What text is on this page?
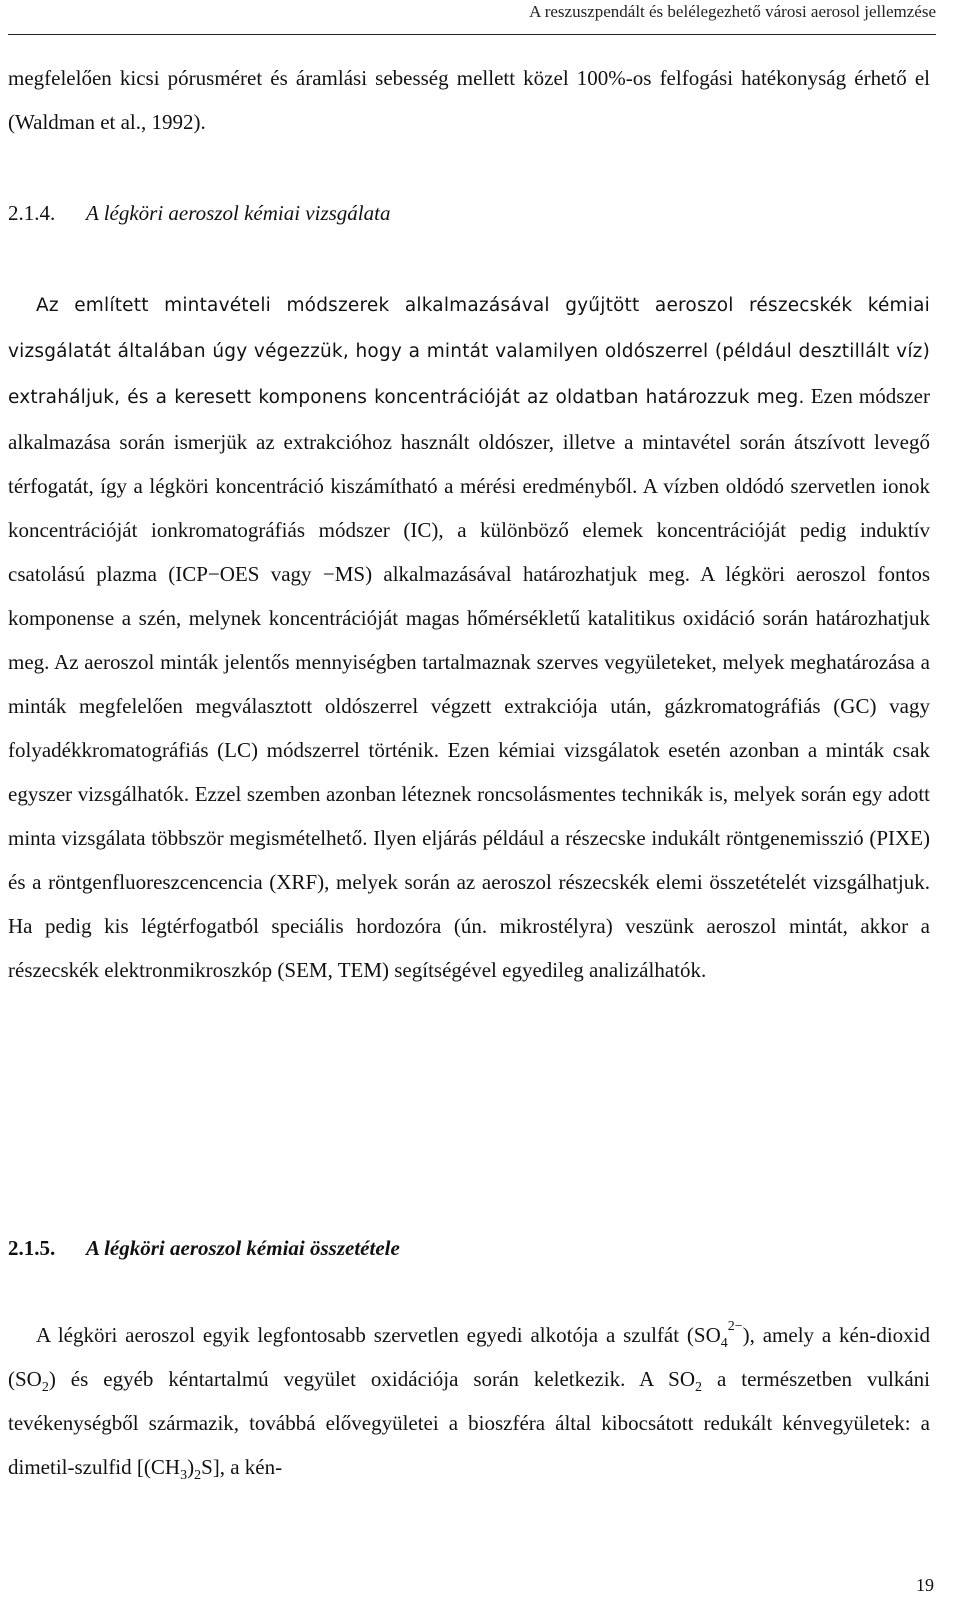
A reszuszpendált és belélegezhető városi aerosol jellemzése

megfelelően kicsi pórusméret és áramlási sebesség mellett közel 100%-os felfogási hatékonyság érhető el (Waldman et al., 1992).

2.1.4. A légköri aeroszol kémiai vizsgálata

Az említett mintavételi módszerek alkalmazásával gyűjtött aeroszol részecskék kémiai vizsgálatát általában úgy végezzük, hogy a mintát valamilyen oldószerrel (például desztillált víz) extraháljuk, és a keresett komponens koncentrációját az oldatban határozzuk meg. Ezen módszer alkalmazása során ismerjük az extrakcióhoz használt oldószer, illetve a mintavétel során átszívott levegő térfogatát, így a légköri koncentráció kiszámítható a mérési eredményből. A vízben oldódó szervetlen ionok koncentrációját ionkromatográfiás módszer (IC), a különböző elemek koncentrációját pedig induktív csatolású plazma (ICP−OES vagy −MS) alkalmazásával határozhatjuk meg. A légköri aeroszol fontos komponense a szén, melynek koncentrációját magas hőmérsékletű katalitikus oxidáció során határozhatjuk meg. Az aeroszol minták jelentős mennyiségben tartalmaznak szerves vegyületeket, melyek meghatározása a minták megfelelően megválasztott oldószerrel végzett extrakciója után, gázkromatográfiás (GC) vagy folyadékkromatográfiás (LC) módszerrel történik. Ezen kémiai vizsgálatok esetén azonban a minták csak egyszer vizsgálhatók. Ezzel szemben azonban léteznek roncsolásmentes technikák is, melyek során egy adott minta vizsgálata többször megismételhető. Ilyen eljárás például a részecske indukált röntgenemisszió (PIXE) és a röntgenfluoreszcencencia (XRF), melyek során az aeroszol részecskék elemi összetételét vizsgálhatjuk. Ha pedig kis légtérfogatból speciális hordozóra (ún. mikrostélyra) veszünk aeroszol mintát, akkor a részecskék elektronmikroszkóp (SEM, TEM) segítségével egyedileg analizálhatók.

2.1.5. A légköri aeroszol kémiai összetétele

A légköri aeroszol egyik legfontosabb szervetlen egyedi alkotója a szulfát $(SO_4^{2-})$, amely a kén-dioxid $(SO_2)$ és egyéb kéntartalmú vegyület oxidációja során keletkezik. A $SO_2$ a természetben vulkáni tevékenységből származik, továbbá elővegyületei a bioszféra által kibocsátott redukált kénvegyületek: a dimetil-szulfid $[(CH_3)_2S]$, a kén-

19
